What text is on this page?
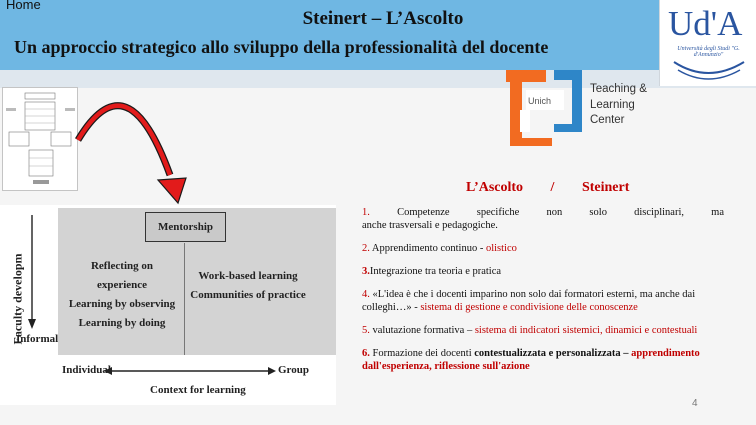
Home
Steinert – L’Ascolto
Un approccio strategico allo sviluppo della professionalità del docente
Ud'A
Università degli Studi "G. d'Annunzio"
Unich
Teaching &
Learning
Center
Mentorship
Faculty developm
Informal
Reflecting on experience
Learning by observing
Learning by doing
Work-based learning
Communities of practice
Individual	Group
Context for learning
L’Ascolto / Steinert
1.	Competenze specifiche non solo disciplinari, ma
anche trasversali e pedagogiche.
2. Apprendimento continuo - olistico
3.Integrazione tra teoria e pratica
4. «L'idea è che i docenti imparino non solo dai formatori esterni, ma anche dai colleghi…» - sistema di gestione e condivisione delle conoscenze
5. valutazione formativa – sistema di indicatori sistemici, dinamici e contestuali
6. Formazione dei docenti contestualizzata e personalizzata – apprendimento dall'esperienza, riflessione sull'azione
4
